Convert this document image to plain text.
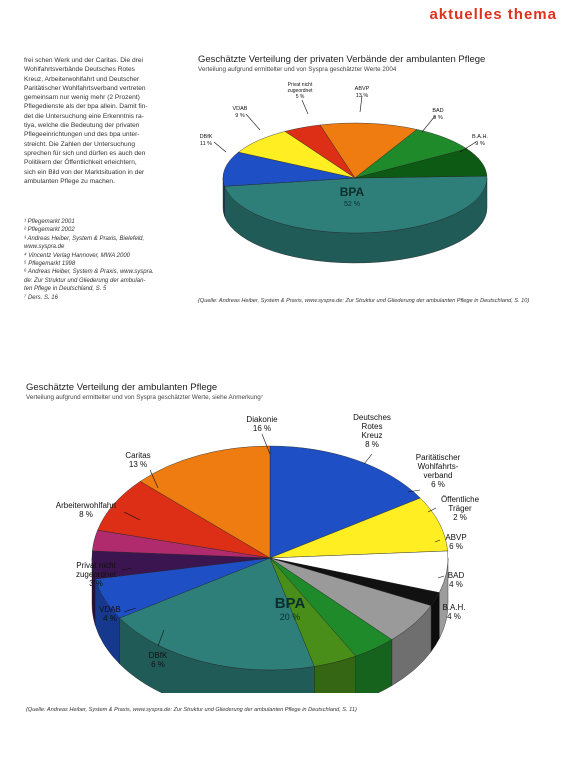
aktuelles thema

frei schen Werk und der Caritas. Die drei

Wohlfahrtsverbände Deutsches Rotes

Kreuz, Arbeiterwohlfahrt und Deutscher

Paritätischer Wohlfahrtsverband vertreten

gemeinsam nur wenig mehr (2 Prozent)

Pflegedienste als der bpa allein. Damit fin-

det die Untersuchung eine Erkenntnis ra-

tiya, welche die Bedeutung der privaten

Pflegeeinrichtungen und des bpa unter-

streicht. Die Zahlen der Untersuchung

sprechen für sich und dürfen es auch den

Politikern der Öffentlichkeit erleichtern,

sich ein Bild von der Marktsituation in der

ambulanten Pflege zu machen.

¹ Pflegemarkt 2001
² Pflegemarkt 2002
³ Andreas Heiber, System & Praxis, Bielefeld,
www.syspra.de
⁴ Vincentz Verlag Hannover, MWA 2000
⁵ Pflegemarkt 1998
⁶ Andreas Heiber, System & Praxis, www.syspra.
de: Zur Struktur und Gliederung der ambulan-
ten Pflege in Deutschland, S. 5
⁷ Ders. S. 16
Geschätzte Verteilung der privaten Verbände der ambulanten Pflege
Verteilung aufgrund ermittelter und von Syspra geschätzter Werte 2004
BPA 52 %
DBfK 11 %
VDAB 9 %
Privat nicht zugeordnet 5 %
ABVP 13 %
BAD 9 %
B.A.H. 9 %
(Quelle: Andreas Heiber, System & Praxis, www.syspra.de: Zur Struktur und Gliederung der ambulanten Pflege in Deutschland, S. 10)
Geschätzte Verteilung der ambulanten Pflege
Verteilung aufgrund ermittelter und von Syspra geschätzter Werte, siehe Anmerkung⁷
Diakonie 16 %
Deutsches Rotes Kreuz 8 %
Paritätischer Wohlfahrts-verband 6 %
Öffentliche Träger 2 %
ABVP 6 %
BAD 4 %
B.A.H. 4 %
BPA 20 %
DBfK 6 %
VDAB 4 %
Privat nicht zugeordnet 3 %
Arbeiterwohlfahrt 8 %
Caritas 13 %
(Quelle: Andreas Heiber, System & Praxis, www.syspra.de: Zur Struktur und Gliederung der ambulanten Pflege in Deutschland, S. 11)
